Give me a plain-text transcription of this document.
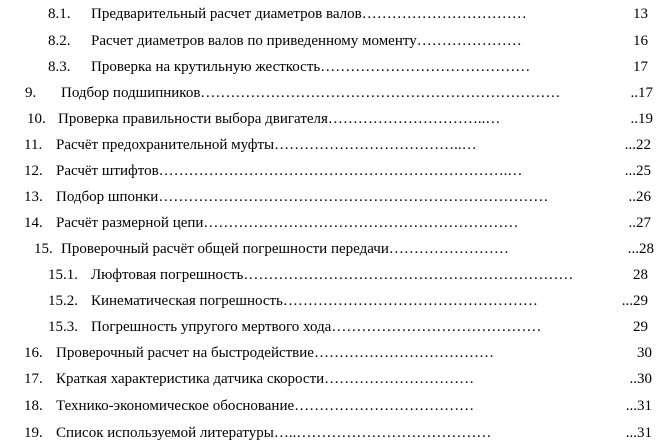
8.1. Предварительный расчет диаметров валов……………………………	13
8.2. Расчет диаметров валов по приведенному моменту…………………	16
8.3. Проверка на крутильную жесткость……………………………………	17
9. Подбор подшипников………………………………………………………………	..17
10. Проверка правильности выбора двигателя…………………………..…	..19
11. Расчёт предохранительной муфты………………………………..…	...22
12. Расчёт штифтов…………………………………………………………….…	...25
13. Подбор шпонки……………………………………………………………………	..26
14. Расчёт размерной цепи………………………………………………………	..27
15. Проверочный расчёт общей погрешности передачи……………………	...28
15.1. Люфтовая погрешность…………………………………………………………	28
15.2. Кинематическая погрешность……………………………………………	...29
15.3. Погрешность упругого мертвого хода……………………………………	29
16. Проверочный расчет на быстродействие………………………………	30
17. Краткая характеристика датчика скорости…………………………	..30
18. Технико-экономическое обоснование………………………………	...31
19. Список используемой литературы…..…………………………………	...31
